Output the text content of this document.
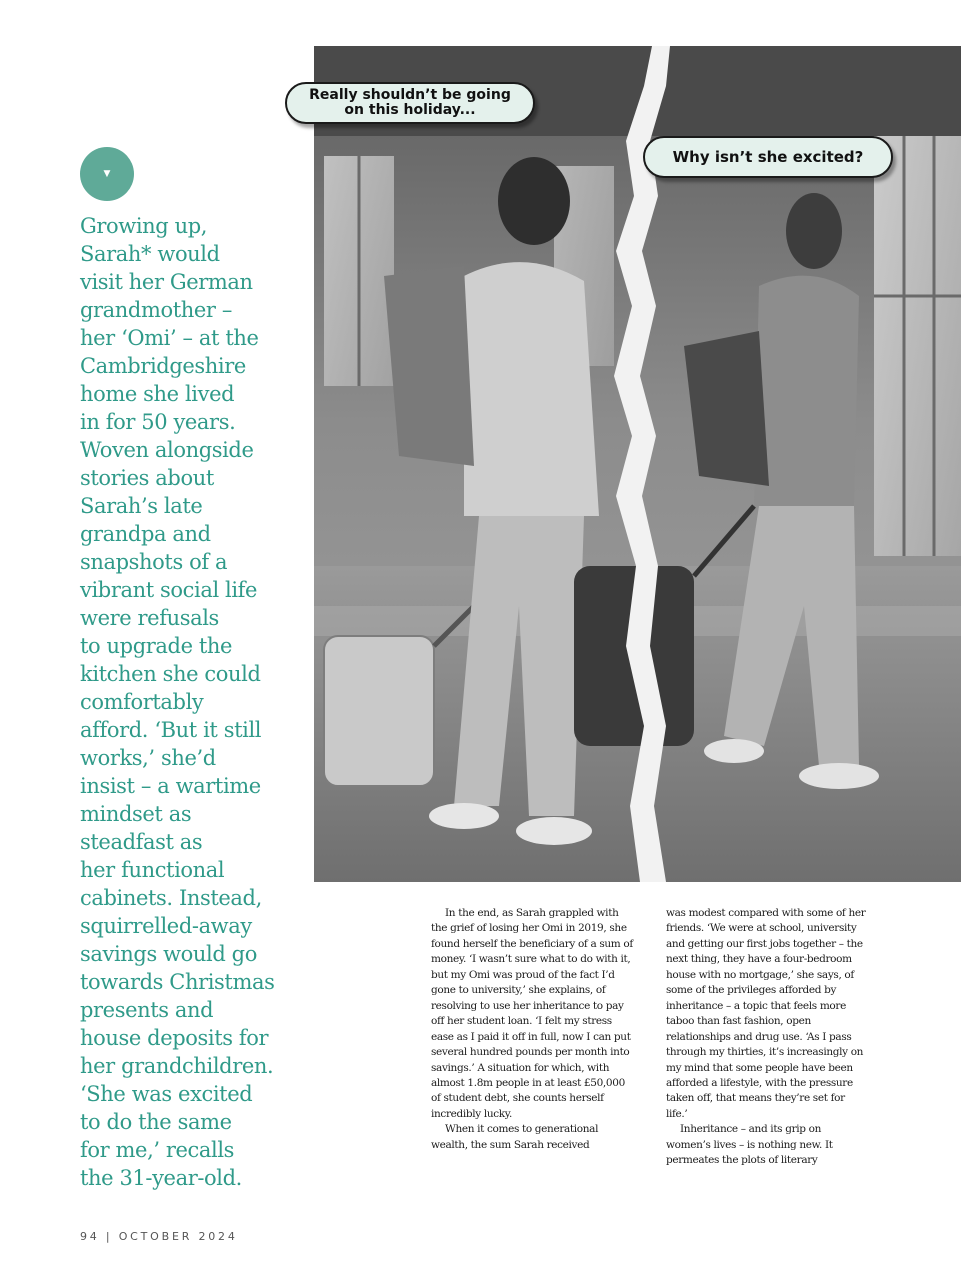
▼

Growing up,
Sarah* would
visit her German
grandmother –
her ‘Omi’ – at the
Cambridgeshire
home she lived
in for 50 years.
Woven alongside
stories about
Sarah’s late
grandpa and
snapshots of a
vibrant social life
were refusals
to upgrade the
kitchen she could
comfortably
afford. ‘But it still
works,’ she’d
insist – a wartime
mindset as
steadfast as
her functional
cabinets. Instead,
squirrelled-away
savings would go
towards Christmas
presents and
house deposits for
her grandchildren.
‘She was excited
to do the same
for me,’ recalls
the 31-year-old.

Really shouldn’t be going on this holiday...
Why isn’t she excited?

In the end, as Sarah grappled with the grief of losing her Omi in 2019, she found herself the beneficiary of a sum of money. ‘I wasn’t sure what to do with it, but my Omi was proud of the fact I’d gone to university,’ she explains, of resolving to use her inheritance to pay off her student loan. ‘I felt my stress ease as I paid it off in full, now I can put several hundred pounds per month into savings.’ A situation for which, with almost 1.8m people in at least £50,000 of student debt, she counts herself incredibly lucky.

When it comes to generational wealth, the sum Sarah received

was modest compared with some of her friends. ‘We were at school, university and getting our first jobs together – the next thing, they have a four-bedroom house with no mortgage,’ she says, of some of the privileges afforded by inheritance – a topic that feels more taboo than fast fashion, open relationships and drug use. ‘As I pass through my thirties, it’s increasingly on my mind that some people have been afforded a lifestyle, with the pressure taken off, that means they’re set for life.’

Inheritance – and its grip on women’s lives – is nothing new. It permeates the plots of literary

94 | OCTOBER 2024
